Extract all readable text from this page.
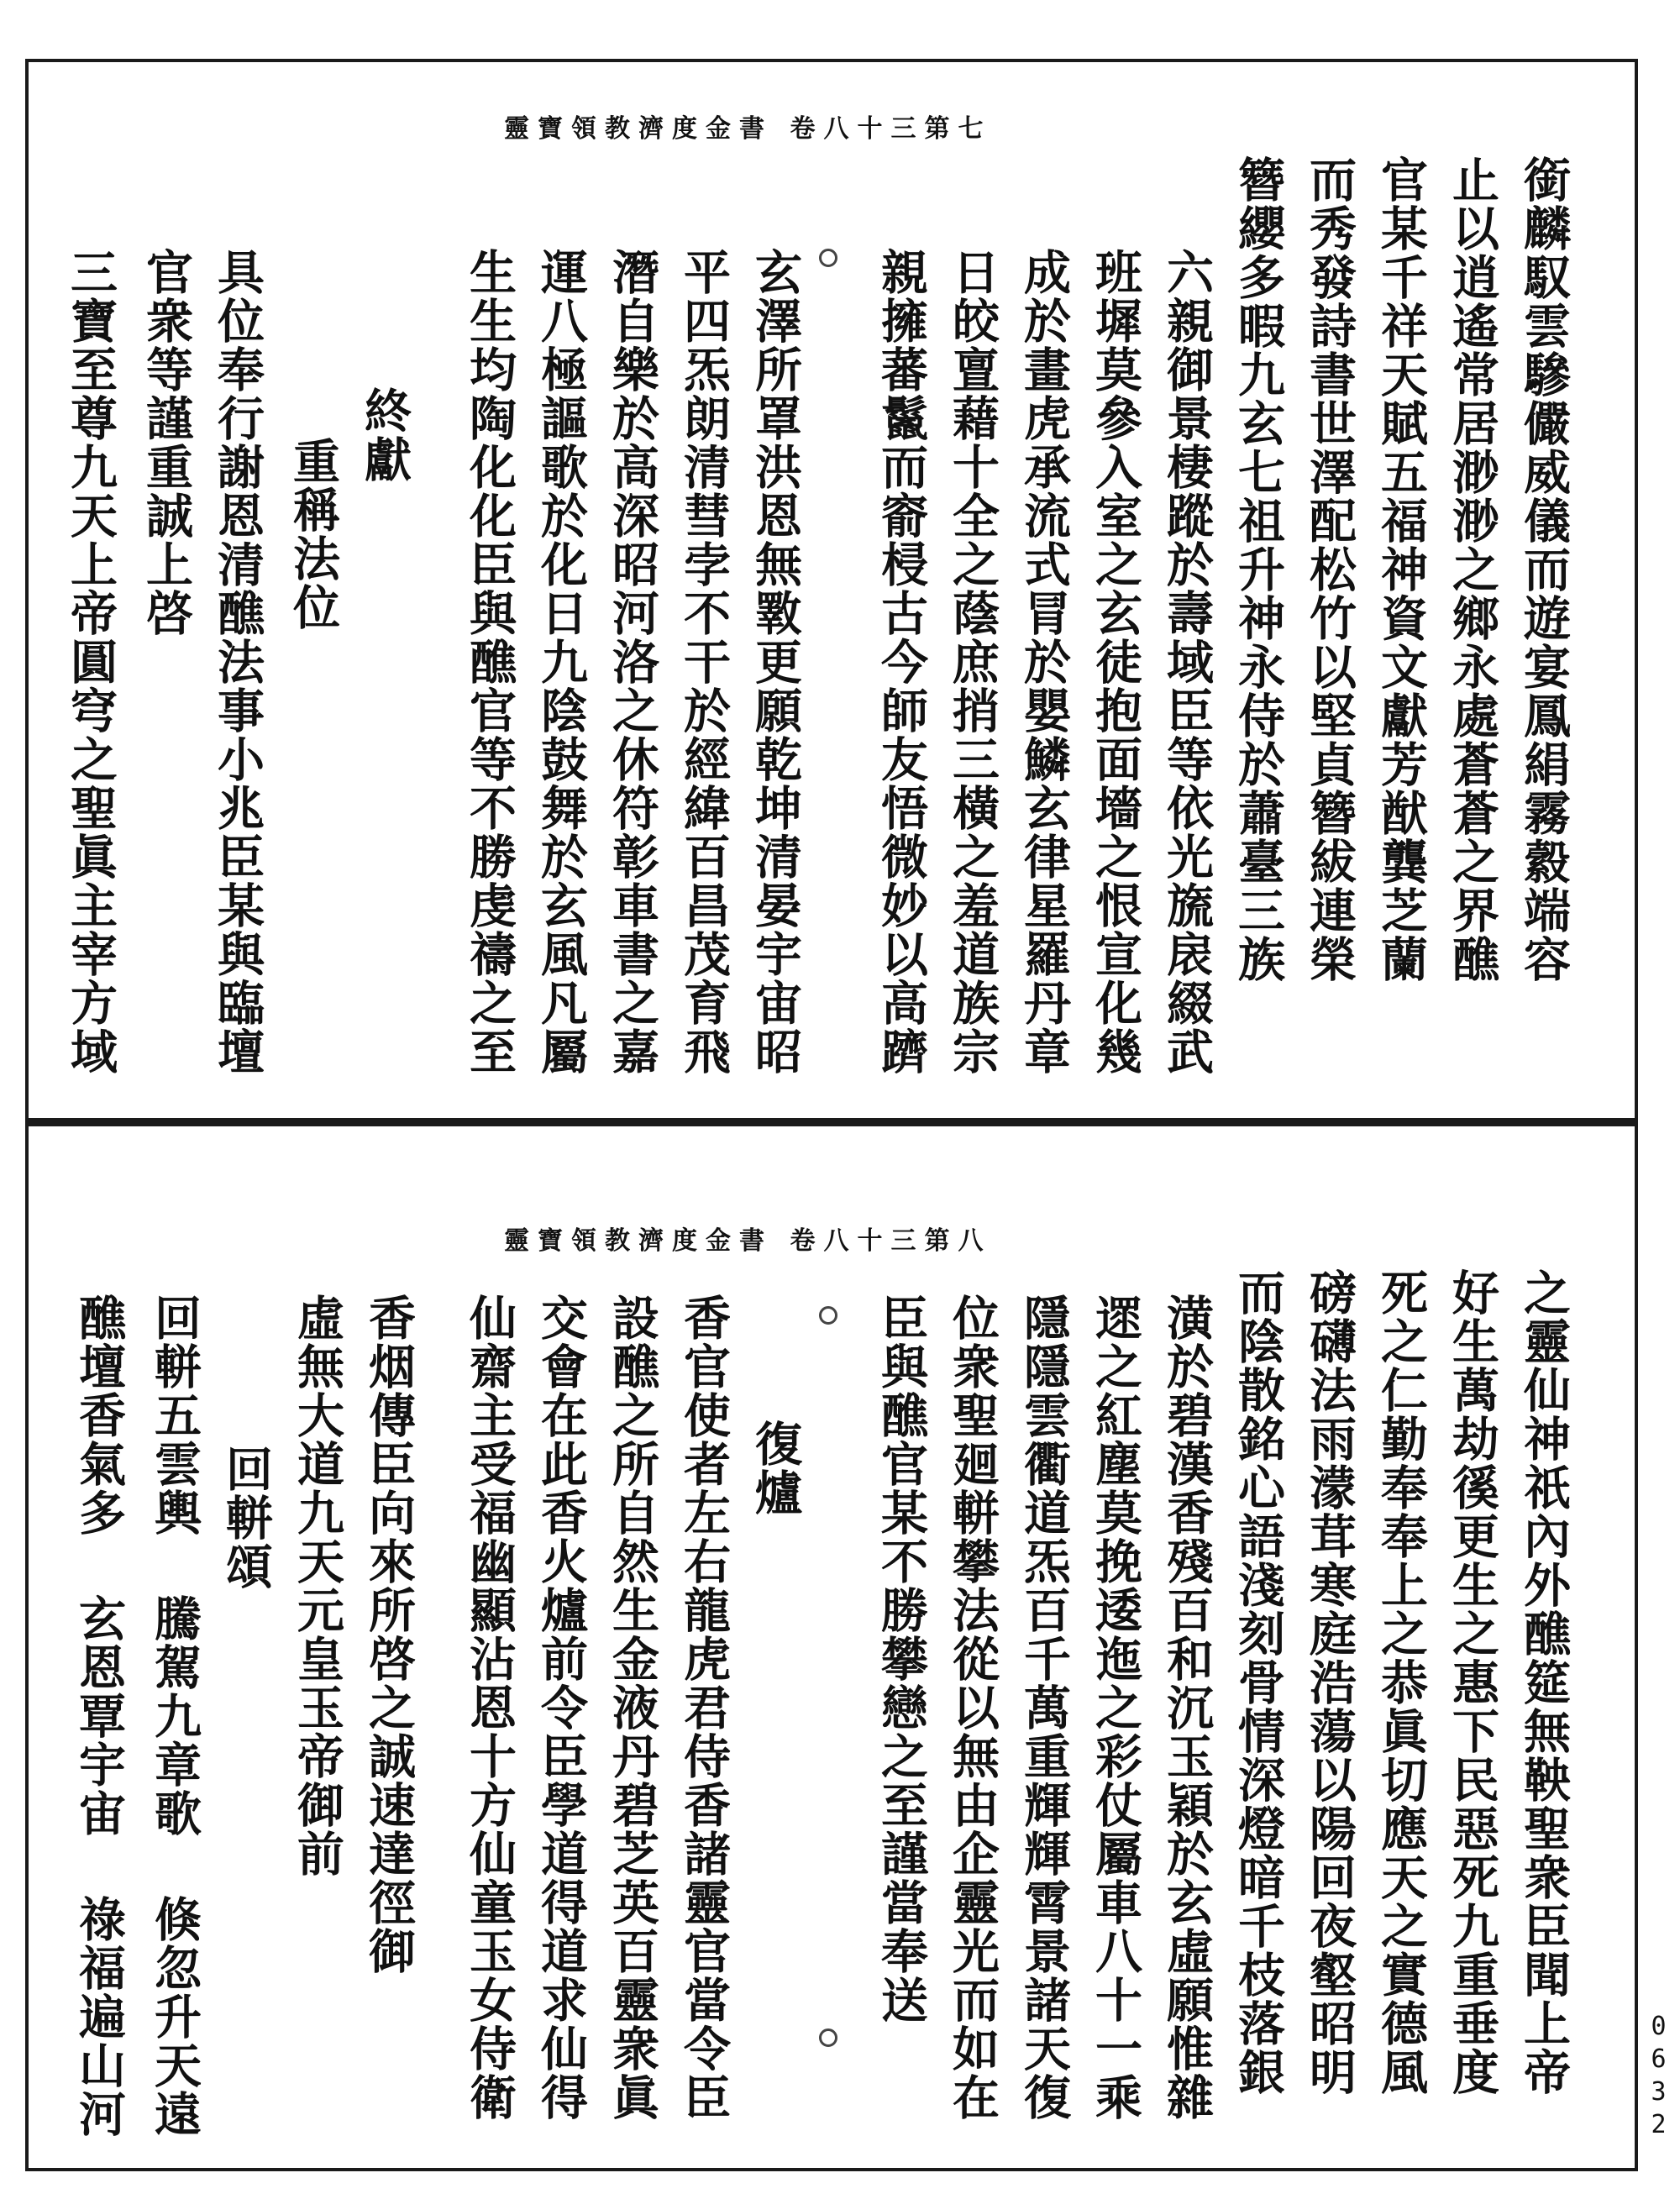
靈寶領教濟度金書 卷八十三第七
靈寶領教濟度金書 卷八十三第八
銜麟馭雲驂儼威儀而遊宴鳳絹霧縠端容
止以逍遙常居渺渺之鄉永處蒼蒼之界醮
官某千祥天賦五福神資文獻芳猷龔芝蘭
而秀發詩書世澤配松竹以堅貞簪紱連榮
簪纓多暇九玄七祖升神永侍於蕭臺三族
六親御景棲蹤於壽域臣等依光旒扆綴武
班墀莫參入室之玄徒抱面墻之恨宣化幾
成於畫虎承流式冐於嬰鱗玄律星羅丹章
日皎亶藉十全之蔭庶捎三橫之羞道族宗
親擁蕃鬣而窬梫古今師友悟微妙以高躋
玄澤所罩洪恩無斁更願乾坤清晏宇宙昭
平四炁朗清彗孛不干於經緯百昌茂育飛
潛自樂於高深昭河洛之休符彰車書之嘉
運八極謳歌於化日九陰鼓舞於玄風凡屬
生生均陶化化臣與醮官等不勝虔禱之至
終獻
重稱法位
具位奉行謝恩清醮法事小兆臣某與臨壇
官衆等謹重誠上啓
三寶至尊九天上帝圓穹之聖眞主宰方域
之靈仙神祇內外醮筵無鞅聖衆臣聞上帝
好生萬劫徯更生之惠下民惡死九重垂度
死之仁勤奉奉上之恭眞切應天之實德風
磅礴法雨濛茸寒庭浩蕩以陽回夜壑昭明
而陰散銘心語淺刻骨情深燈暗千枝落銀
潢於碧漢香殘百和沉玉穎於玄虛願惟雜
遝之紅塵莫挽逶迤之彩仗屬車八十一乘
隱隱雲衢道炁百千萬重輝輝霄景諸天復
位衆聖廻軿攀法從以無由企靈光而如在
臣與醮官某不勝攀戀之至謹當奉送
復爐
香官使者左右龍虎君侍香諸靈官當令臣
設醮之所自然生金液丹碧芝英百靈衆眞
交會在此香火爐前令臣學道得道求仙得
仙齋主受福幽顯沾恩十方仙童玉女侍衛
香烟傳臣向來所啓之誠速達徑御
虛無大道九天元皇玉帝御前
回軿頌
回軿五雲輿 騰駕九章歌 倏忽升天遠
醮壇香氣多 玄恩覃宇宙 祿福遍山河	0632
